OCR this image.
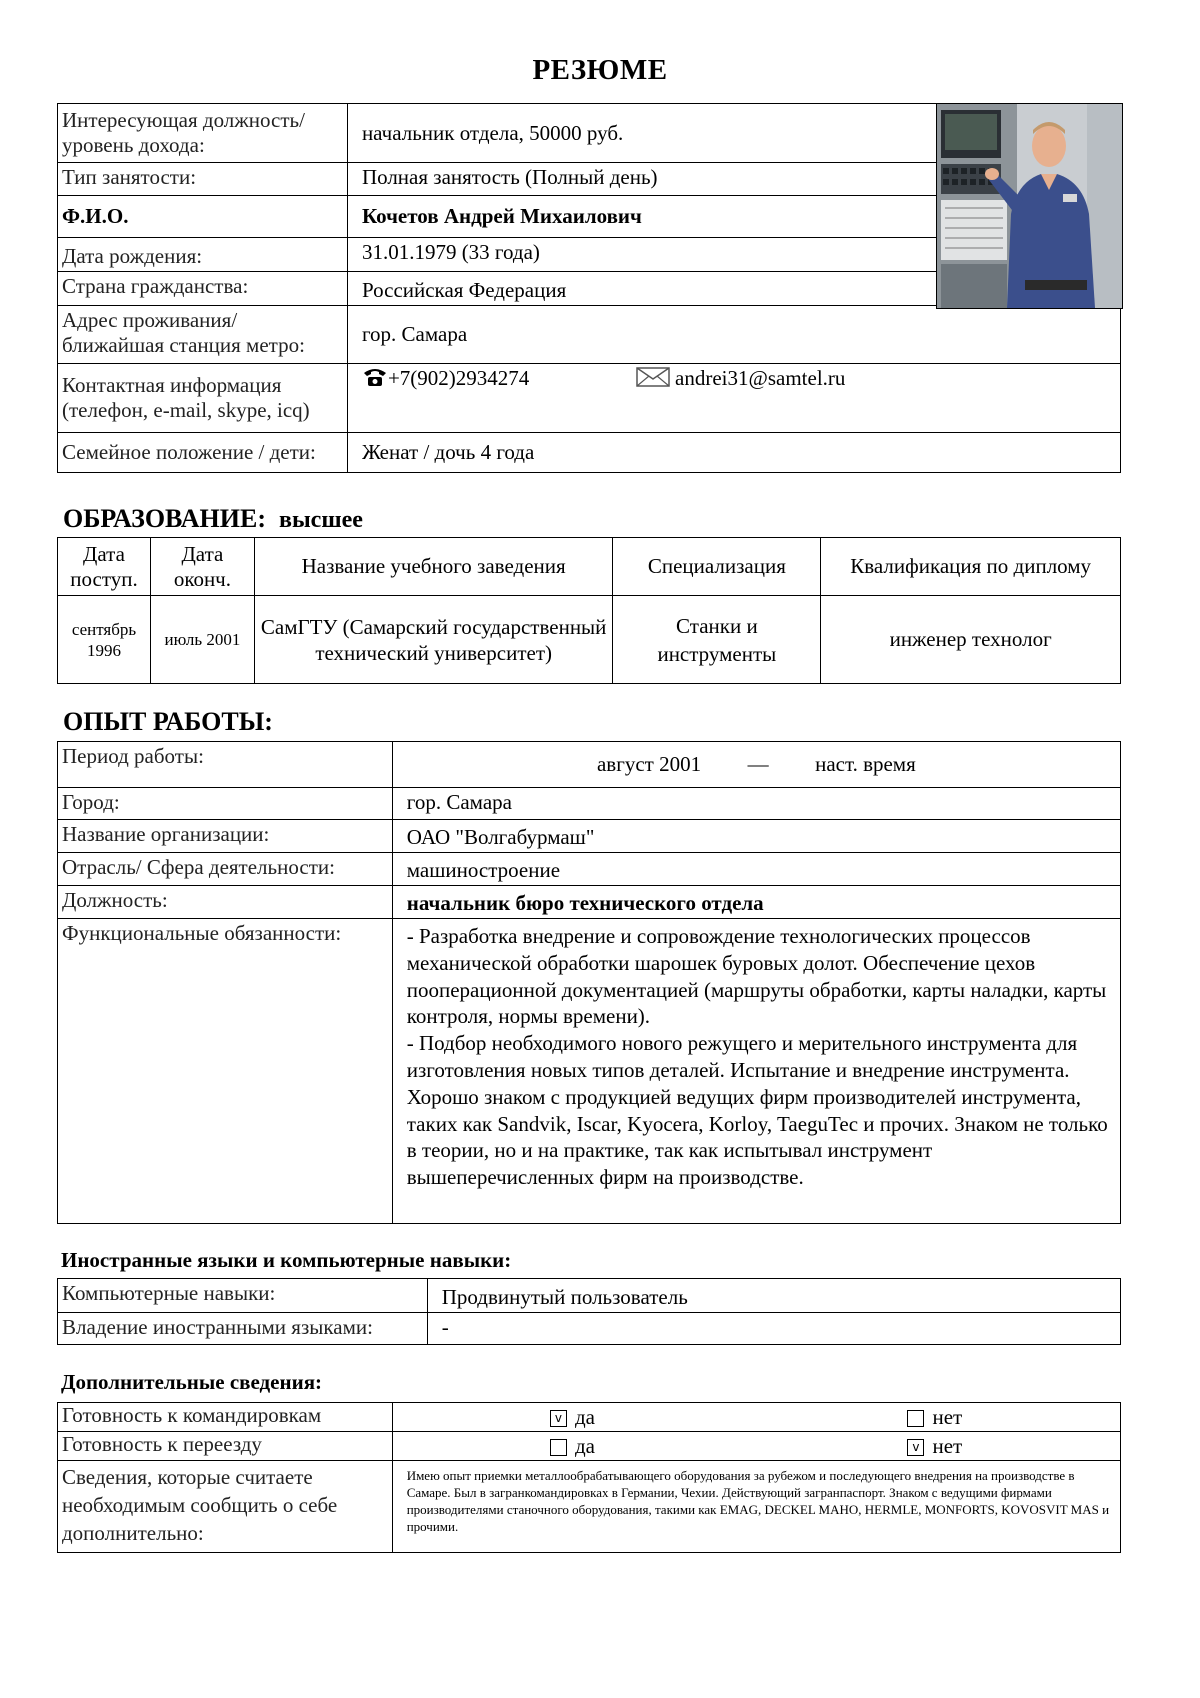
РЕЗЮМЕ
Интересующая должность/уровень дохода:	начальник отдела, 50000 руб.	
Тип занятости:	Полная занятость (Полный день)	
Ф.И.О.	Кочетов Андрей Михаилович	
Дата рождения:	31.01.1979 (33 года)	
Страна гражданства:	Российская Федерация	
Адрес проживания/ ближайшая станция метро:	гор. Самара	
Контактная информация (телефон, e-mail, skype, icq)	+7(902)2934274 andrei31@samtel.ru	
Семейное положение / дети:	Женат / дочь 4 года	
ОБРАЗОВАНИЕ: высшее
Дата поступ.	Дата оконч.	Название учебного заведения	Специализация	Квалификация по диплому
сентябрь 1996	июль 2001	СамГТУ (Самарский государственный технический университет)	Станки и инструменты	инженер технолог
ОПЫТ РАБОТЫ:
Период работы:	август 2001 — наст. время
Город:	гор. Самара
Название организации:	ОАО "Волгабурмаш"
Отрасль/ Сфера деятельности:	машиностроение
Должность:	начальник бюро технического отдела
Функциональные обязанности:	- Разработка внедрение и сопровождение технологических процессов механической обработки шарошек буровых долот. Обеспечение цехов пооперационной документацией (маршруты обработки, карты наладки, карты контроля, нормы времени).
- Подбор необходимого нового режущего и мерительного инструмента для изготовления новых типов деталей. Испытание и внедрение инструмента. Хорошо знаком с продукцией ведущих фирм производителей инструмента, таких как Sandvik, Iscar, Kyocera, Korloy, TaeguTec и прочих. Знаком не только в теории, но и на практике, так как испытывал инструмент вышеперечисленных фирм на производстве.
Иностранные языки и компьютерные навыки:
Компьютерные навыки:	Продвинутый пользователь
Владение иностранными языками:	-
Дополнительные сведения:
Готовность к командировкам	v да нет
Готовность к переезду	да v нет
Сведения, которые считаете необходимым сообщить о себе дополнительно:	Имею опыт приемки металлообрабатывающего оборудования за рубежом и последующего внедрения на производстве в Самаре. Был в загранкомандировках в Германии, Чехии. Действующий загранпаспорт. Знаком с ведущими фирмами производителями станочного оборудования, такими как EMAG, DECKEL MAHO, HERMLE, MONFORTS, KOVOSVIT MAS и прочими.
